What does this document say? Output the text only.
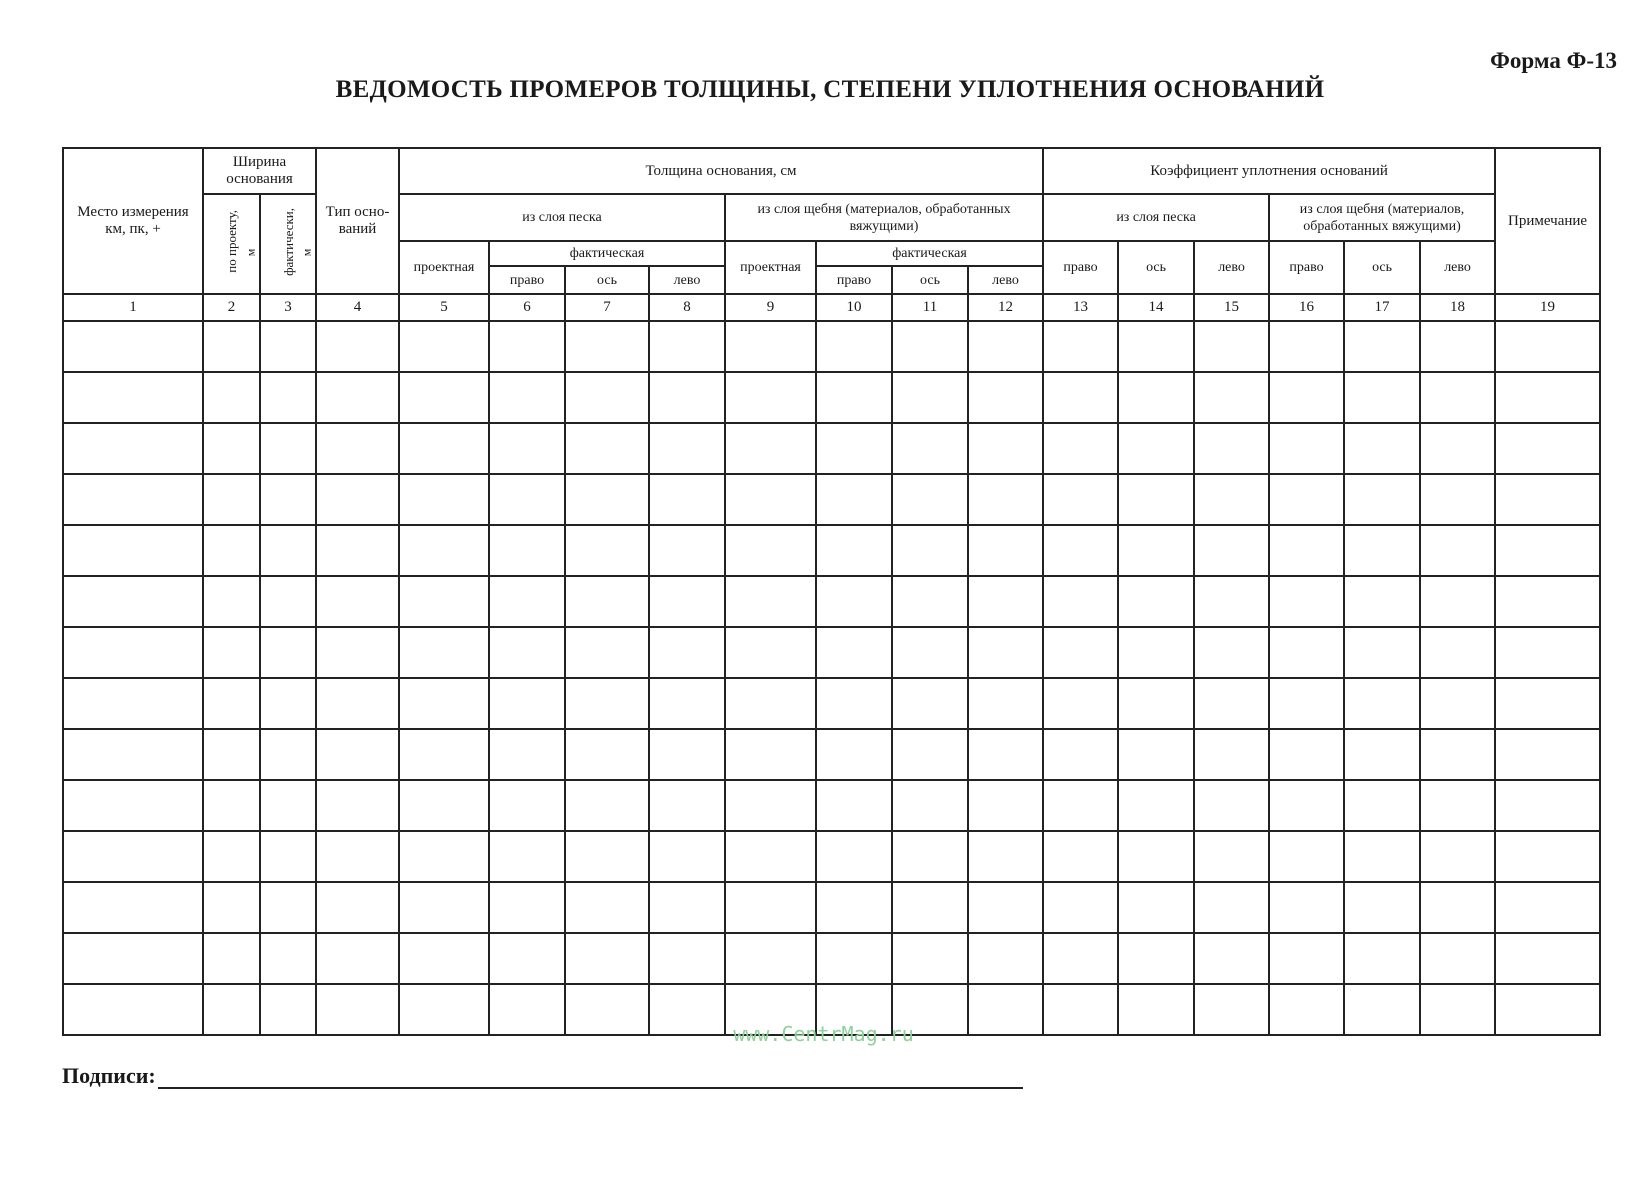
Форма Ф-13
ВЕДОМОСТЬ ПРОМЕРОВ ТОЛЩИНЫ, СТЕПЕНИ УПЛОТНЕНИЯ ОСНОВАНИЙ
Место измерения км, пк, +	Ширина основания		Тип осно- ваний	Толщина основания, см								Коэффициент уплотнения оснований						Примечание
	по проекту, м	фактически, м		из слоя песка				из слоя щебня (материалов, обработанных вяжущими)				из слоя песка			из слоя щебня (материалов, обработанных вяжущими)			
				проектная	фактическая			проектная	фактическая			право	ось	лево	право	ось	лево	
					право	ось	лево		право	ось	лево							
1	2	3	4	5	6	7	8	9	10	11	12	13	14	15	16	17	18	19

www.CentrMag.ru
Подписи:
